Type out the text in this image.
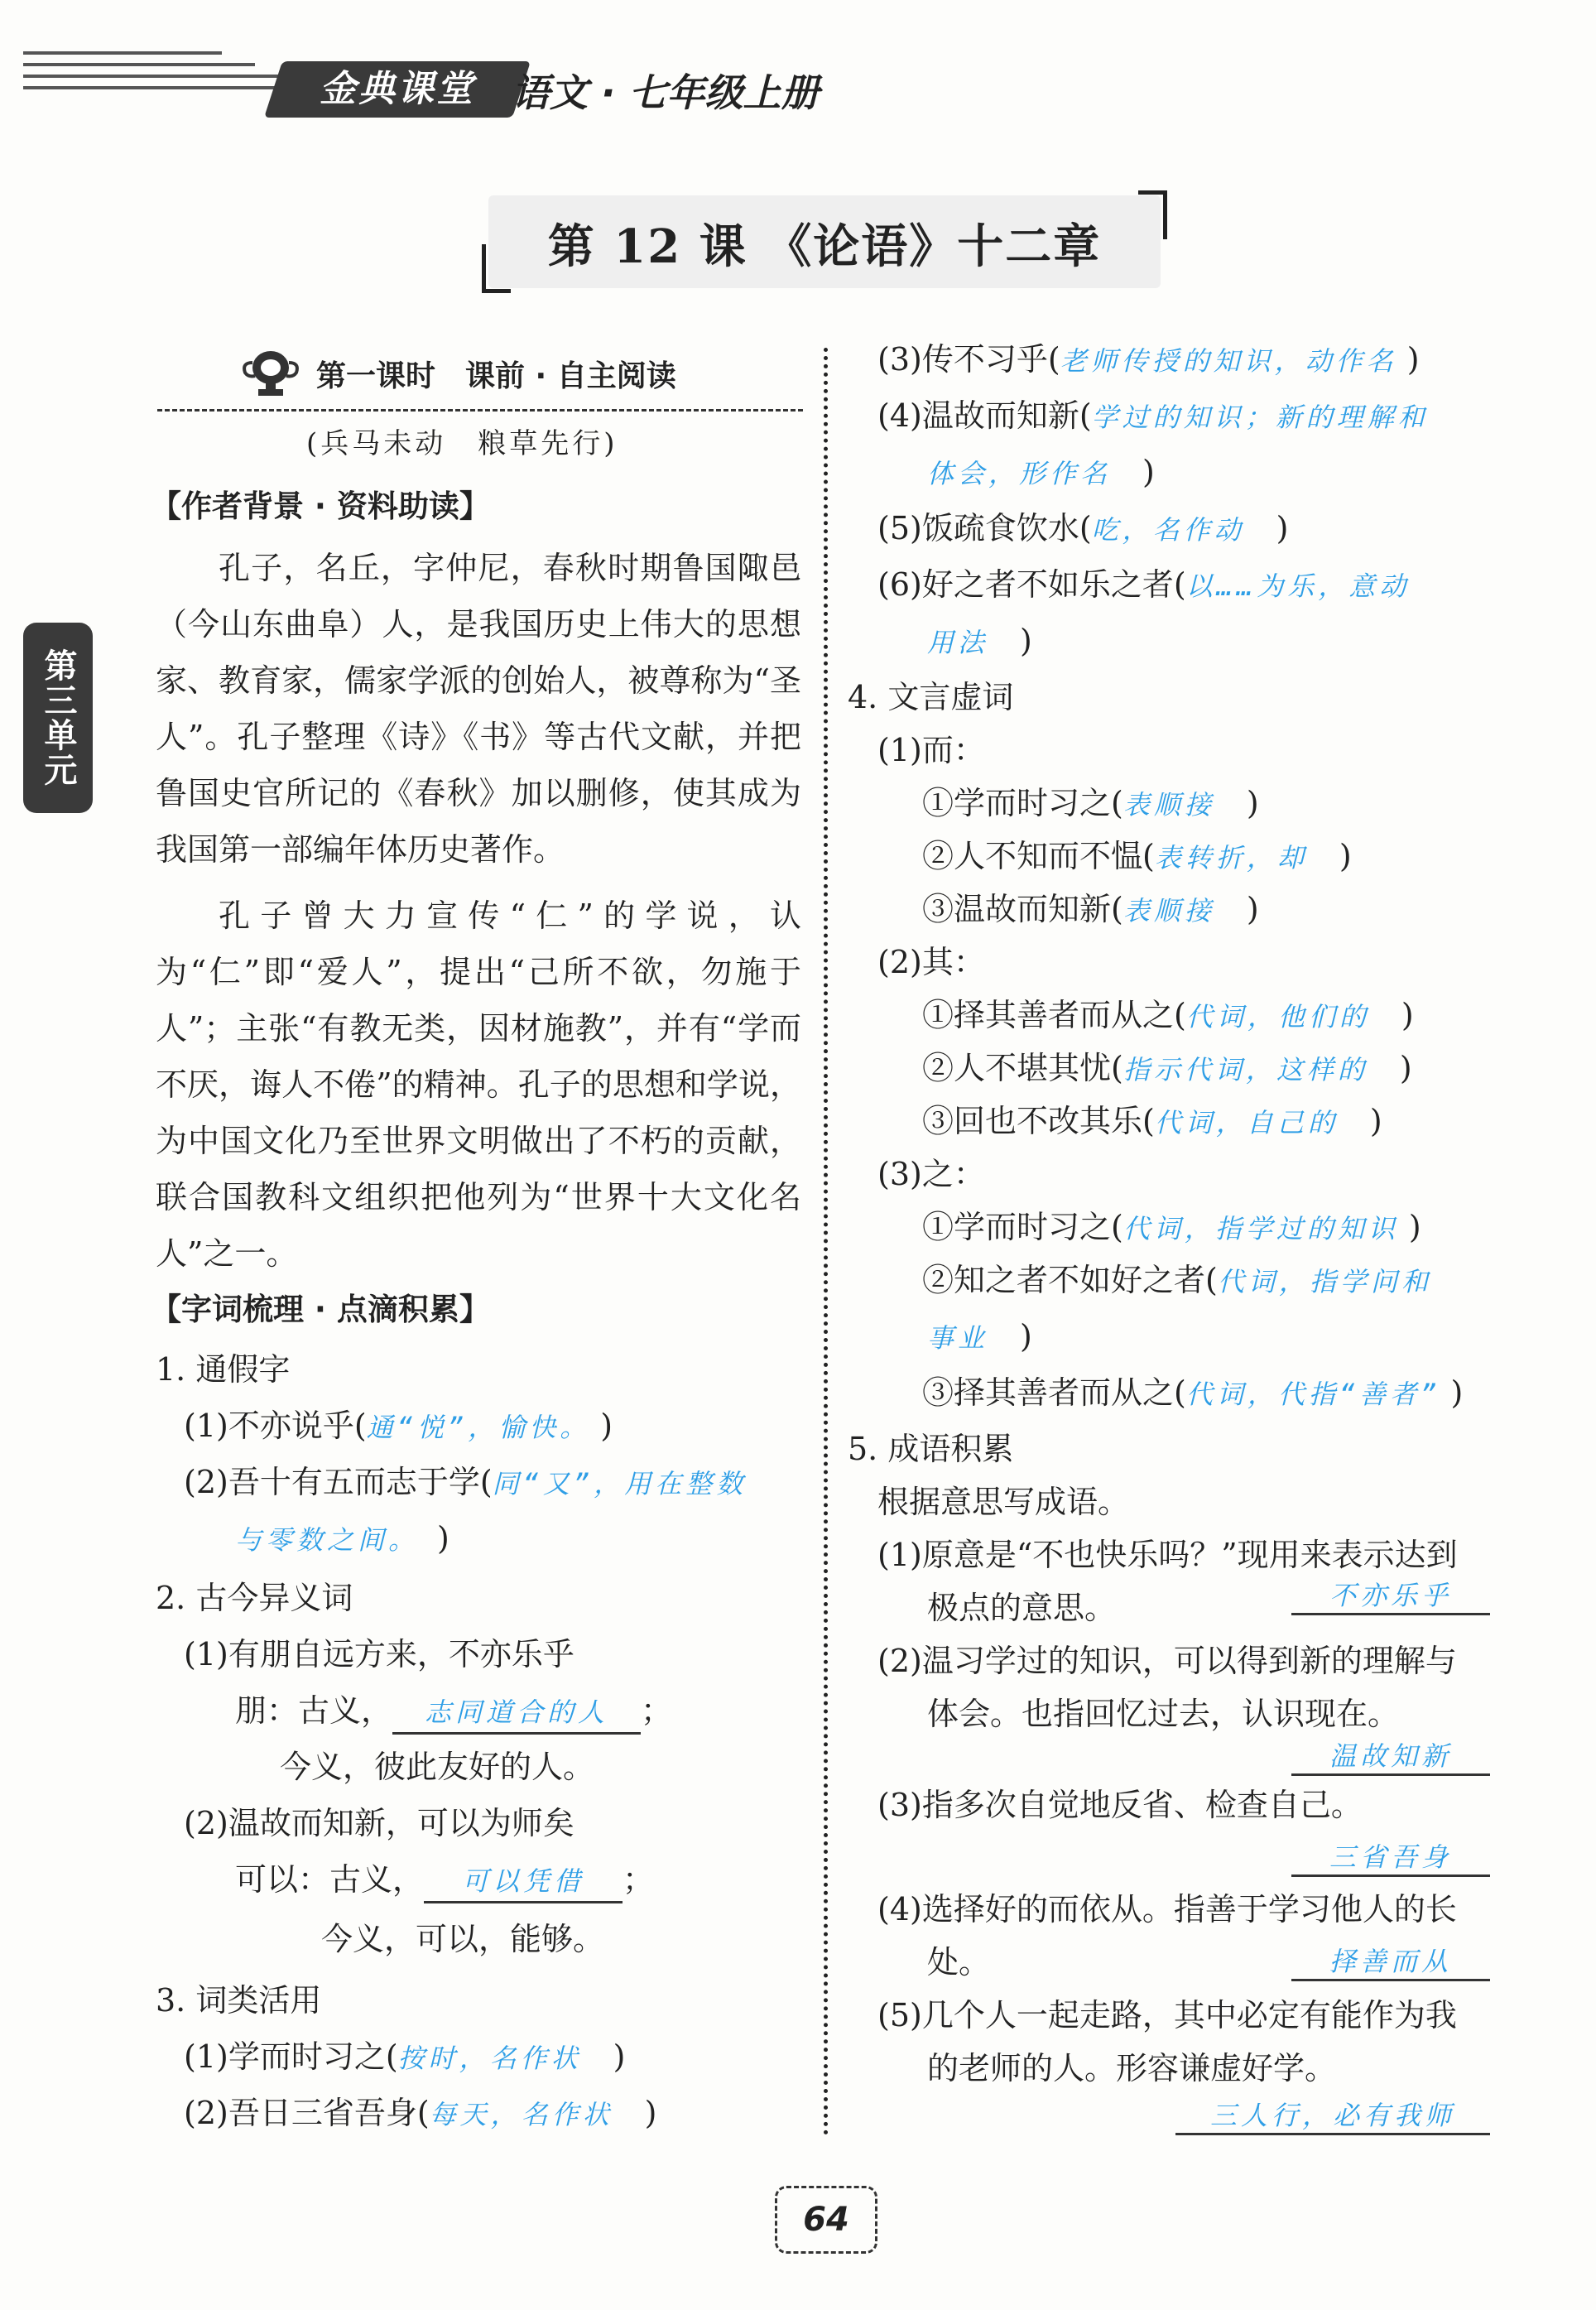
金典课堂 语文 · 七年级上册
第 12 课 《论语》十二章
第三单元
第一课时　课前 · 自主阅读
(兵马未动　粮草先行)
【作者背景 · 资料助读】
孔子，名丘，字仲尼，春秋时期鲁国陬邑（今山东曲阜）人，是我国历史上伟大的思想家、教育家，儒家学派的创始人，被尊称为“圣人”。孔子整理《诗》《书》等古代文献，并把鲁国史官所记的《春秋》加以删修，使其成为我国第一部编年体历史著作。
孔子曾大力宣传“仁”的学说，认为“仁”即“爱人”，提出“己所不欲，勿施于人”；主张“有教无类，因材施教”，并有“学而不厌，诲人不倦”的精神。孔子的思想和学说，为中国文化乃至世界文明做出了不朽的贡献，联合国教科文组织把他列为“世界十大文化名人”之一。
【字词梳理 · 点滴积累】
1. 通假字
(1)不亦说乎(通“悦”，愉快。 )
(2)吾十有五而志于学(同“又”，用在整数
与零数之间。　)
2. 古今异义词
(1)有朋自远方来，不亦乐乎
朋：古义， 志同道合的人 ；
今义，彼此友好的人。
(2)温故而知新，可以为师矣
可以：古义， 可以凭借 ；
今义，可以，能够。
3. 词类活用
(1)学而时习之(按时，名作状　)
(2)吾日三省吾身(每天，名作状　)
(3)传不习乎(老师传授的知识，动作名 )
(4)温故而知新(学过的知识；新的理解和
体会，形作名　)
(5)饭疏食饮水(吃，名作动　)
(6)好之者不如乐之者(以……为乐，意动
用法　)
4. 文言虚词
(1)而：
①学而时习之(表顺接　)
②人不知而不愠(表转折，却　)
③温故而知新(表顺接　)
(2)其：
①择其善者而从之(代词，他们的　)
②人不堪其忧(指示代词，这样的　)
③回也不改其乐(代词，自己的　)
(3)之：
①学而时习之(代词，指学过的知识 )
②知之者不如好之者(代词，指学问和
事业　)
③择其善者而从之(代词，代指“善者” )
5. 成语积累
根据意思写成语。
(1)原意是“不也快乐吗？”现用来表示达到
极点的意思。	不亦乐乎
(2)温习学过的知识，可以得到新的理解与
体会。也指回忆过去，认识现在。
温故知新
(3)指多次自觉地反省、检查自己。
三省吾身
(4)选择好的而依从。指善于学习他人的长
处。	择善而从
(5)几个人一起走路，其中必定有能作为我
的老师的人。形容谦虚好学。
三人行，必有我师
64
